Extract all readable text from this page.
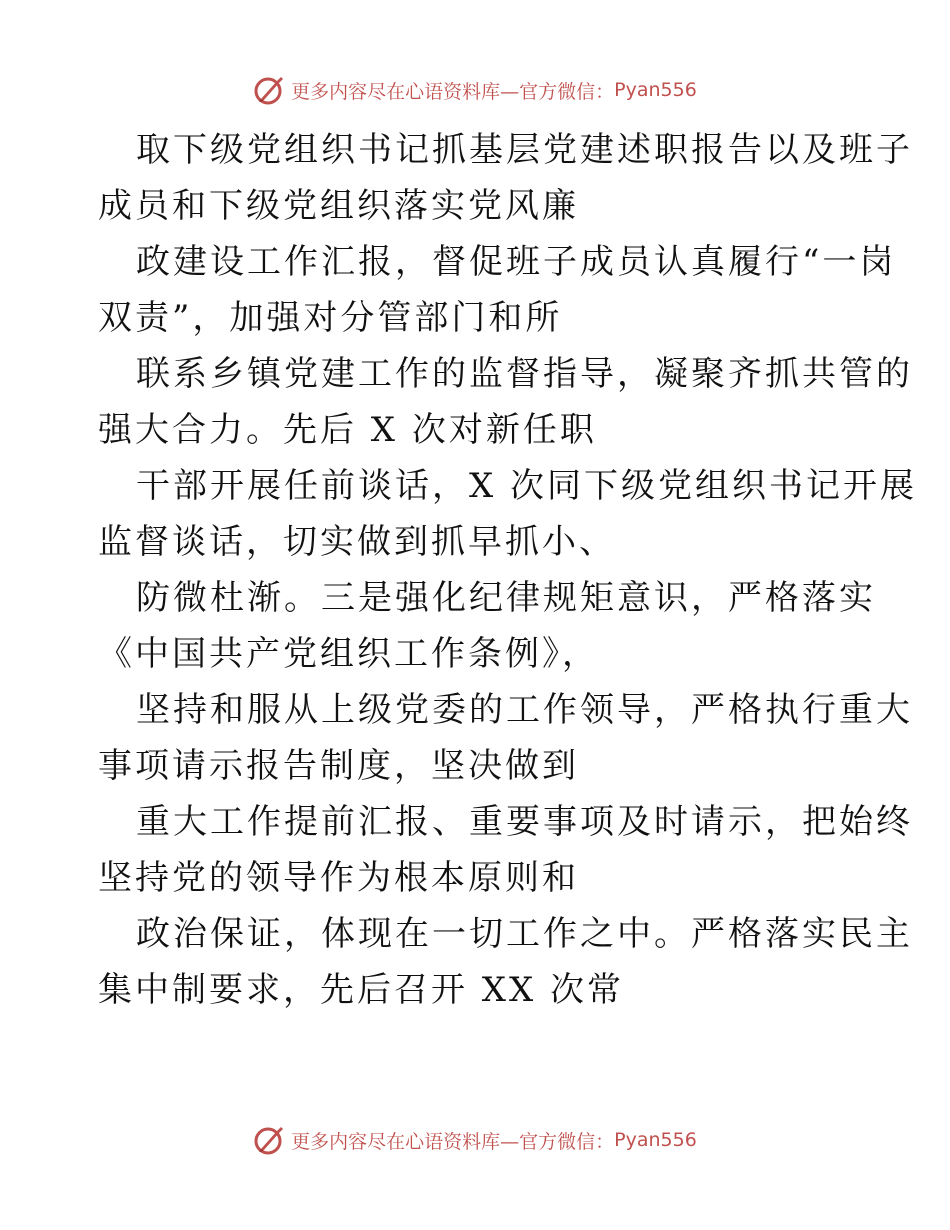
更多内容尽在心语资料库—官方微信： Pyan556

取下级党组织书记抓基层党建述职报告以及班子
成员和下级党组织落实党风廉

政建设工作汇报，督促班子成员认真履行“一岗
双责”，加强对分管部门和所

联系乡镇党建工作的监督指导，凝聚齐抓共管的
强大合力。先后 X 次对新任职

干部开展任前谈话，X 次同下级党组织书记开展
监督谈话，切实做到抓早抓小、

防微杜渐。三是强化纪律规矩意识，严格落实
《中国共产党组织工作条例》，

坚持和服从上级党委的工作领导，严格执行重大
事项请示报告制度，坚决做到

重大工作提前汇报、重要事项及时请示，把始终
坚持党的领导作为根本原则和

政治保证，体现在一切工作之中。严格落实民主
集中制要求，先后召开 XX 次常

更多内容尽在心语资料库—官方微信： Pyan556
